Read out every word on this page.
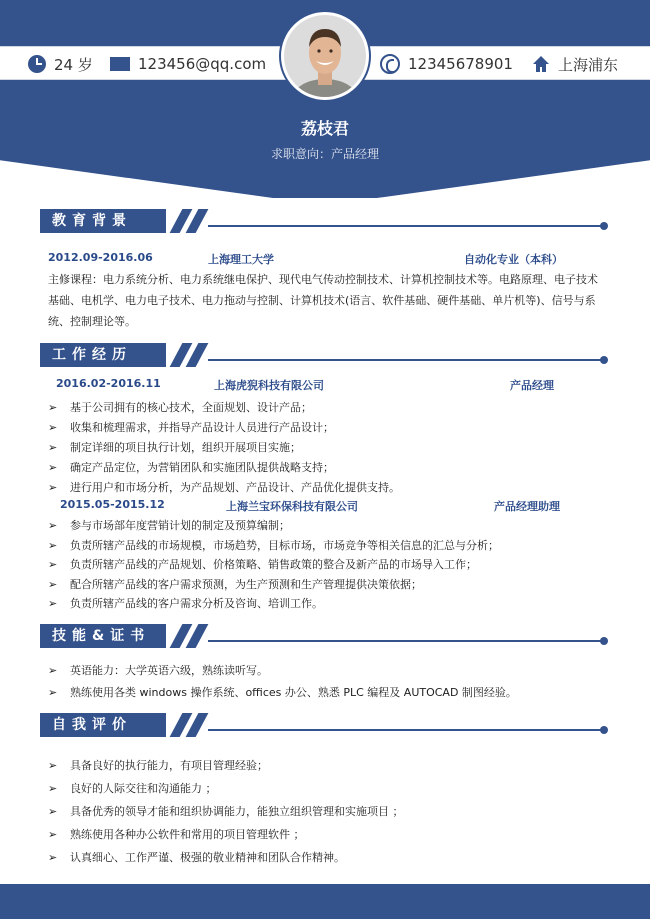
24 岁	123456@qq.com	12345678901	上海浦东
荔枝君
求职意向：产品经理
教育背景
2012.09-2016.06	上海理工大学	自动化专业（本科）
主修课程：电力系统分析、电力系统继电保护、现代电气传动控制技术、计算机控制技术等。电路原理、电子技术基础、电机学、电力电子技术、电力拖动与控制、计算机技术(语言、软件基础、硬件基础、单片机等)、信号与系统、控制理论等。
工作经历
2016.02-2016.11	上海虎猊科技有限公司	产品经理
➢ 基于公司拥有的核心技术，全面规划、设计产品；
➢ 收集和梳理需求，并指导产品设计人员进行产品设计；
➢ 制定详细的项目执行计划，组织开展项目实施；
➢ 确定产品定位，为营销团队和实施团队提供战略支持；
➢ 进行用户和市场分析，为产品规划、产品设计、产品优化提供支持。
2015.05-2015.12	上海兰宝环保科技有限公司	产品经理助理
➢ 参与市场部年度营销计划的制定及预算编制；
➢ 负责所辖产品线的市场规模，市场趋势，目标市场，市场竞争等相关信息的汇总与分析；
➢ 负责所辖产品线的产品规划、价格策略、销售政策的整合及新产品的市场导入工作；
➢ 配合所辖产品线的客户需求预测，为生产预测和生产管理提供决策依据；
➢ 负责所辖产品线的客户需求分析及咨询、培训工作。
技能&证书
➢ 英语能力：大学英语六级，熟练读听写。
➢ 熟练使用各类 windows 操作系统、offices 办公、熟悉 PLC 编程及 AUTOCAD 制图经验。
自我评价
➢ 具备良好的执行能力，有项目管理经验；
➢ 良好的人际交往和沟通能力 ；
➢ 具备优秀的领导才能和组织协调能力，能独立组织管理和实施项目 ；
➢ 熟练使用各种办公软件和常用的项目管理软件 ；
➢ 认真细心、工作严谨、极强的敬业精神和团队合作精神。
